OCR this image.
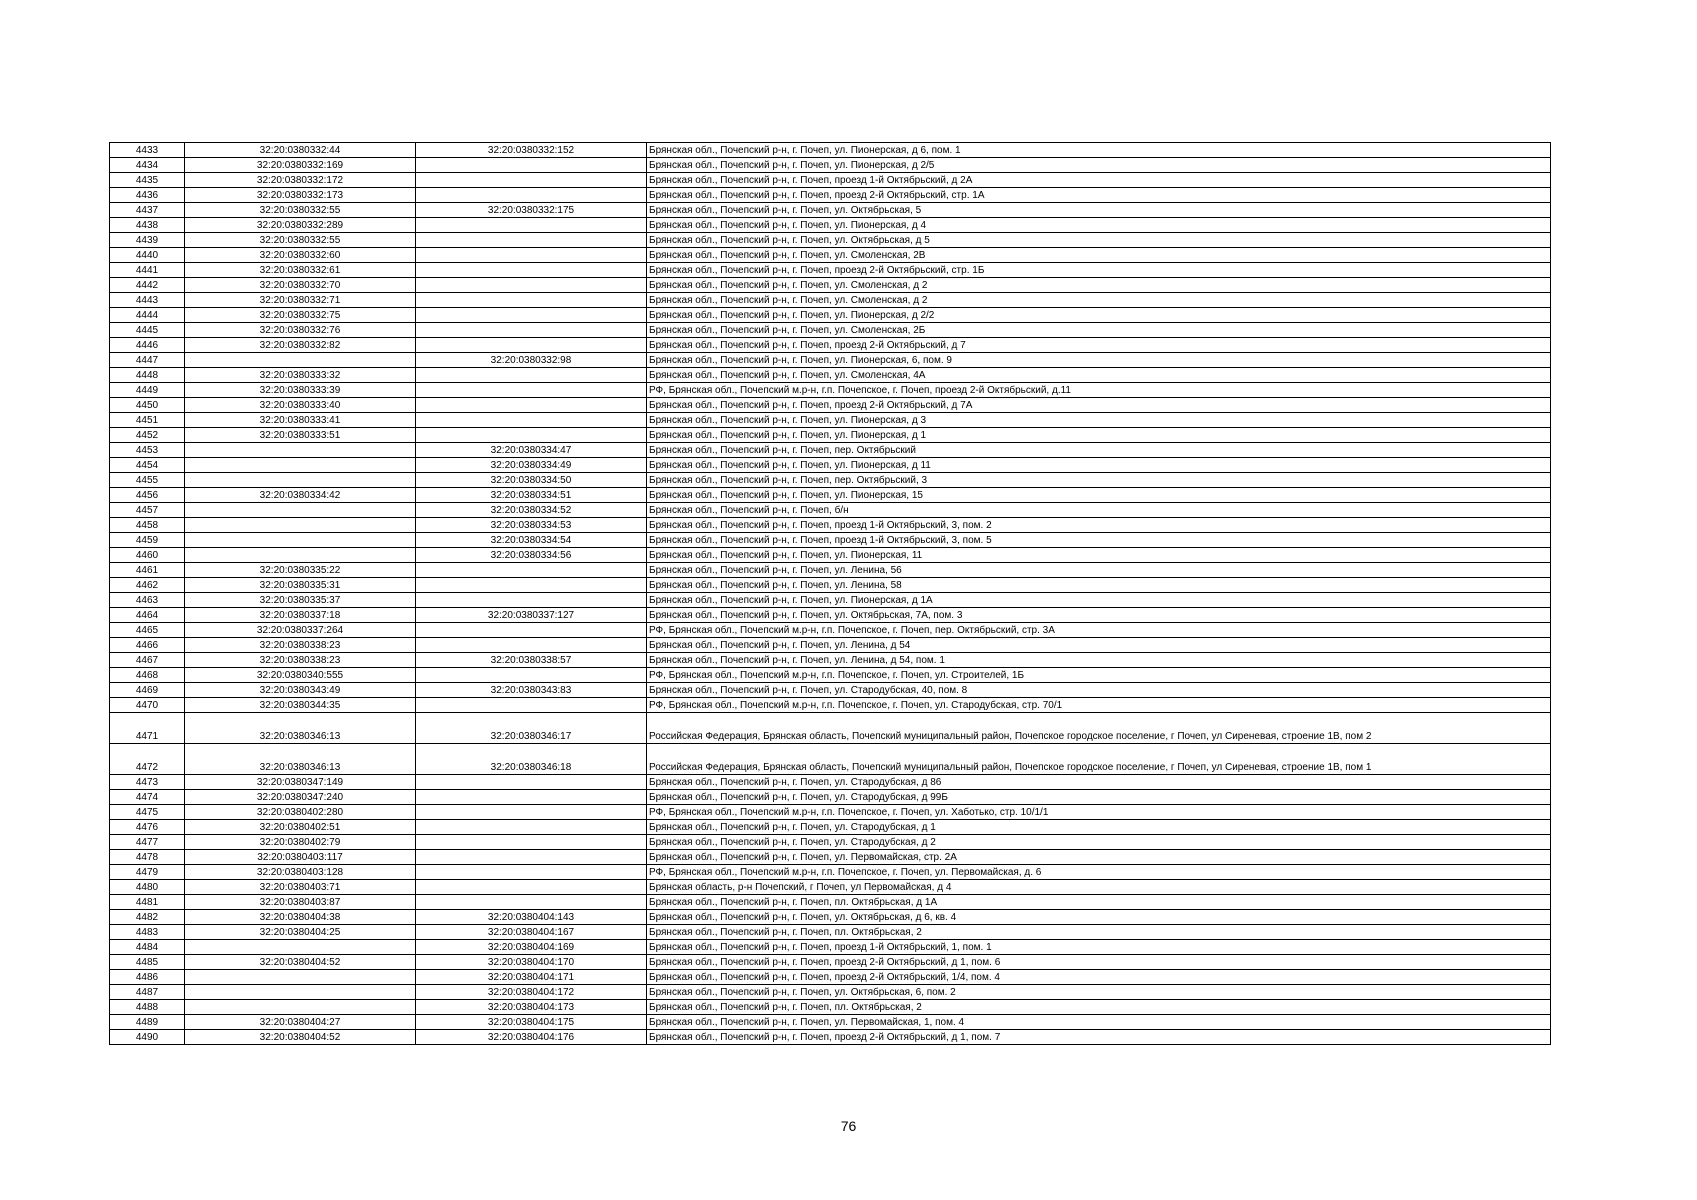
4433	32:20:0380332:44	32:20:0380332:152	Брянская обл., Почепский р-н, г. Почеп, ул. Пионерская, д 6, пом. 1
4434	32:20:0380332:169		Брянская обл., Почепский р-н, г. Почеп, ул. Пионерская, д 2/5
4435	32:20:0380332:172		Брянская обл., Почепский р-н, г. Почеп, проезд 1-й Октябрьский, д 2А
4436	32:20:0380332:173		Брянская обл., Почепский р-н, г. Почеп, проезд 2-й Октябрьский, стр. 1А
4437	32:20:0380332:55	32:20:0380332:175	Брянская обл., Почепский р-н, г. Почеп, ул. Октябрьская, 5
4438	32:20:0380332:289		Брянская обл., Почепский р-н, г. Почеп, ул. Пионерская, д 4
4439	32:20:0380332:55		Брянская обл., Почепский р-н, г. Почеп, ул. Октябрьская, д 5
4440	32:20:0380332:60		Брянская обл., Почепский р-н, г. Почеп, ул. Смоленская, 2В
4441	32:20:0380332:61		Брянская обл., Почепский р-н, г. Почеп, проезд 2-й Октябрьский, стр. 1Б
4442	32:20:0380332:70		Брянская обл., Почепский р-н, г. Почеп, ул. Смоленская, д 2
4443	32:20:0380332:71		Брянская обл., Почепский р-н, г. Почеп, ул. Смоленская, д 2
4444	32:20:0380332:75		Брянская обл., Почепский р-н, г. Почеп, ул. Пионерская, д 2/2
4445	32:20:0380332:76		Брянская обл., Почепский р-н, г. Почеп, ул. Смоленская, 2Б
4446	32:20:0380332:82		Брянская обл., Почепский р-н, г. Почеп, проезд 2-й Октябрьский, д 7
4447		32:20:0380332:98	Брянская обл., Почепский р-н, г. Почеп, ул. Пионерская, 6, пом. 9
4448	32:20:0380333:32		Брянская обл., Почепский р-н, г. Почеп, ул. Смоленская, 4А
4449	32:20:0380333:39		РФ, Брянская обл., Почепский м.р-н, г.п. Почепское, г. Почеп, проезд 2-й Октябрьский, д.11
4450	32:20:0380333:40		Брянская обл., Почепский р-н, г. Почеп, проезд 2-й Октябрьский, д 7А
4451	32:20:0380333:41		Брянская обл., Почепский р-н, г. Почеп, ул. Пионерская, д 3
4452	32:20:0380333:51		Брянская обл., Почепский р-н, г. Почеп, ул. Пионерская, д 1
4453		32:20:0380334:47	Брянская обл., Почепский р-н, г. Почеп, пер. Октябрьский
4454		32:20:0380334:49	Брянская обл., Почепский р-н, г. Почеп, ул. Пионерская, д 11
4455		32:20:0380334:50	Брянская обл., Почепский р-н, г. Почеп, пер. Октябрьский, 3
4456	32:20:0380334:42	32:20:0380334:51	Брянская обл., Почепский р-н, г. Почеп, ул. Пионерская, 15
4457		32:20:0380334:52	Брянская обл., Почепский р-н, г. Почеп, б/н
4458		32:20:0380334:53	Брянская обл., Почепский р-н, г. Почеп, проезд 1-й Октябрьский, 3, пом. 2
4459		32:20:0380334:54	Брянская обл., Почепский р-н, г. Почеп, проезд 1-й Октябрьский, 3, пом. 5
4460		32:20:0380334:56	Брянская обл., Почепский р-н, г. Почеп, ул. Пионерская, 11
4461	32:20:0380335:22		Брянская обл., Почепский р-н, г. Почеп, ул. Ленина, 56
4462	32:20:0380335:31		Брянская обл., Почепский р-н, г. Почеп, ул. Ленина, 58
4463	32:20:0380335:37		Брянская обл., Почепский р-н, г. Почеп, ул. Пионерская, д 1А
4464	32:20:0380337:18	32:20:0380337:127	Брянская обл., Почепский р-н, г. Почеп, ул. Октябрьская, 7А, пом. 3
4465	32:20:0380337:264		РФ, Брянская обл., Почепский м.р-н, г.п. Почепское, г. Почеп, пер. Октябрьский, стр. 3А
4466	32:20:0380338:23		Брянская обл., Почепский р-н, г. Почеп, ул. Ленина, д 54
4467	32:20:0380338:23	32:20:0380338:57	Брянская обл., Почепский р-н, г. Почеп, ул. Ленина, д 54, пом. 1
4468	32:20:0380340:555		РФ, Брянская обл., Почепский м.р-н, г.п. Почепское, г. Почеп, ул. Строителей, 1Б
4469	32:20:0380343:49	32:20:0380343:83	Брянская обл., Почепский р-н, г. Почеп, ул. Стародубская, 40, пом. 8
4470	32:20:0380344:35		РФ, Брянская обл., Почепский м.р-н, г.п. Почепское, г. Почеп, ул. Стародубская, стр. 70/1
4471	32:20:0380346:13	32:20:0380346:17	Российская Федерация, Брянская область, Почепский муниципальный район, Почепское городское поселение, г Почеп, ул Сиреневая, строение 1В, пом 2
4472	32:20:0380346:13	32:20:0380346:18	Российская Федерация, Брянская область, Почепский муниципальный район, Почепское городское поселение, г Почеп, ул Сиреневая, строение 1В, пом 1
4473	32:20:0380347:149		Брянская обл., Почепский р-н, г. Почеп, ул. Стародубская, д 86
4474	32:20:0380347:240		Брянская обл., Почепский р-н, г. Почеп, ул. Стародубская, д 99Б
4475	32:20:0380402:280		РФ, Брянская обл., Почепский м.р-н, г.п. Почепское, г. Почеп, ул. Хаботько, стр. 10/1/1
4476	32:20:0380402:51		Брянская обл., Почепский р-н, г. Почеп, ул. Стародубская, д 1
4477	32:20:0380402:79		Брянская обл., Почепский р-н, г. Почеп, ул. Стародубская, д 2
4478	32:20:0380403:117		Брянская обл., Почепский р-н, г. Почеп, ул. Первомайская, стр. 2А
4479	32:20:0380403:128		РФ, Брянская обл., Почепский м.р-н, г.п. Почепское, г. Почеп, ул. Первомайская, д. 6
4480	32:20:0380403:71		Брянская область, р-н Почепский, г Почеп, ул Первомайская, д 4
4481	32:20:0380403:87		Брянская обл., Почепский р-н, г. Почеп, пл. Октябрьская, д 1А
4482	32:20:0380404:38	32:20:0380404:143	Брянская обл., Почепский р-н, г. Почеп, ул. Октябрьская, д 6, кв. 4
4483	32:20:0380404:25	32:20:0380404:167	Брянская обл., Почепский р-н, г. Почеп, пл. Октябрьская, 2
4484		32:20:0380404:169	Брянская обл., Почепский р-н, г. Почеп, проезд 1-й Октябрьский, 1, пом. 1
4485	32:20:0380404:52	32:20:0380404:170	Брянская обл., Почепский р-н, г. Почеп, проезд 2-й Октябрьский, д 1, пом. 6
4486		32:20:0380404:171	Брянская обл., Почепский р-н, г. Почеп, проезд 2-й Октябрьский, 1/4, пом. 4
4487		32:20:0380404:172	Брянская обл., Почепский р-н, г. Почеп, ул. Октябрьская, 6, пом. 2
4488		32:20:0380404:173	Брянская обл., Почепский р-н, г. Почеп, пл. Октябрьская, 2
4489	32:20:0380404:27	32:20:0380404:175	Брянская обл., Почепский р-н, г. Почеп, ул. Первомайская, 1, пом. 4
4490	32:20:0380404:52	32:20:0380404:176	Брянская обл., Почепский р-н, г. Почеп, проезд 2-й Октябрьский, д 1, пом. 7
76
